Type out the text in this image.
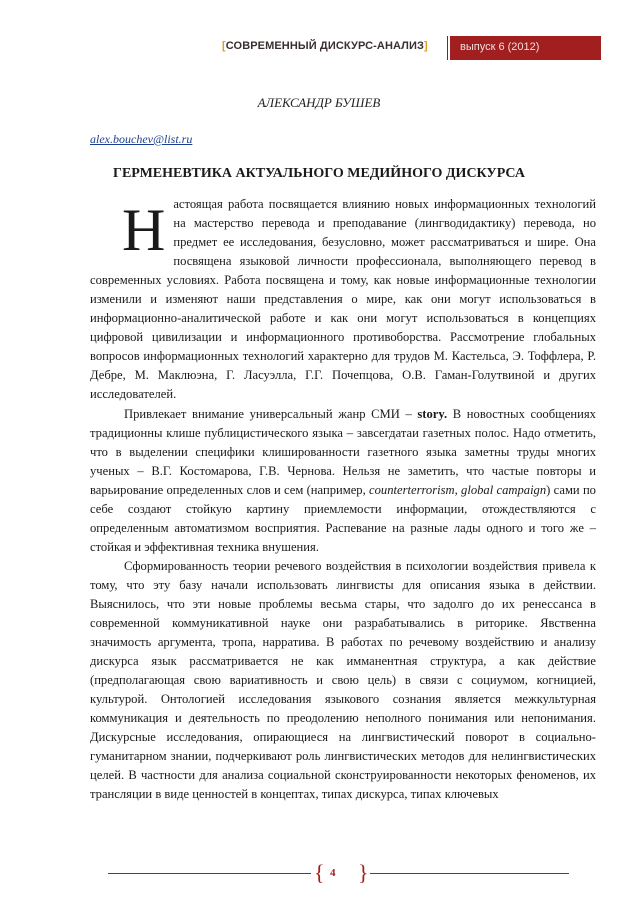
[СОВРЕМЕННЫЙ ДИСКУРС-АНАЛИЗ]	выпуск 6 (2012)
АЛЕКСАНДР БУШЕВ
alex.bouchev@list.ru
ГЕРМЕНЕВТИКА АКТУАЛЬНОГО МЕДИЙНОГО ДИСКУРСА
Н астоящая работа посвящается влиянию новых информационных технологий на мастерство перевода и преподавание (лингводидактику) перевода, но предмет ее исследования, безусловно, может рассматриваться и шире. Она посвящена языковой личности профессионала, выполняющего перевод в современных условиях. Работа посвящена и тому, как новые информационные технологии изменили и изменяют наши представления о мире, как они могут использоваться в информационно-аналитической работе и как они могут использоваться в концепциях цифровой цивилизации и информационного противоборства. Рассмотрение глобальных вопросов информационных технологий характерно для трудов М. Кастельса, Э. Тоффлера, Р. Дебре, М. Маклюэна, Г. Ласуэлла, Г.Г. Почепцова, О.В. Гаман-Голутвиной и других исследователей.

Привлекает внимание универсальный жанр СМИ – story. В новостных сообщениях традиционны клише публицистического языка – завсегдатаи газетных полос. Надо отметить, что в выделении специфики клишированности газетного языка заметны труды многих ученых – В.Г. Костомарова, Г.В. Чернова. Нельзя не заметить, что частые повторы и варьирование определенных слов и сем (например, counterterrorism, global campaign) сами по себе создают стойкую картину приемлемости информации, отождествляются с определенным автоматизмом восприятия. Распевание на разные лады одного и того же – стойкая и эффективная техника внушения.

Сформированность теории речевого воздействия в психологии воздействия привела к тому, что эту базу начали использовать лингвисты для описания языка в действии. Выяснилось, что эти новые проблемы весьма стары, что задолго до их ренессанса в современной коммуникативной науке они разрабатывались в риторике. Явственна значимость аргумента, тропа, нарратива. В работах по речевому воздействию и анализу дискурса язык рассматривается не как имманентная структура, а как действие (предполагающая свою вариативность и свою цель) в связи с социумом, когницией, культурой. Онтологией исследования языкового сознания является межкультурная коммуникация и деятельность по преодолению неполного понимания или непонимания. Дискурсные исследования, опирающиеся на лингвистический поворот в социально-гуманитарном знании, подчеркивают роль лингвистических методов для нелингвистических целей. В частности для анализа социальной сконструированности некоторых феноменов, их трансляции в виде ценностей в концептах, типах дискурса, типах ключевых

{ 4 }
